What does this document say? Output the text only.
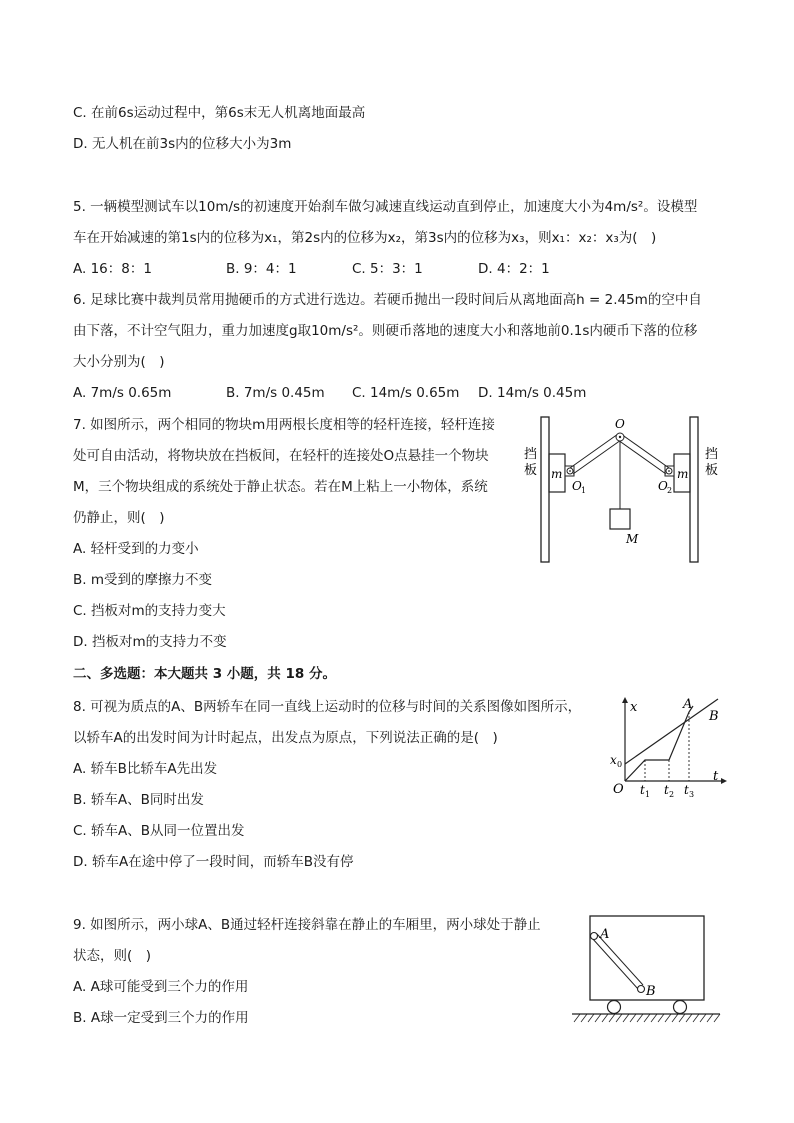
C. 在前6s运动过程中，第6s末无人机离地面最高
D. 无人机在前3s内的位移大小为3m
5. 一辆模型测试车以10m/s的初速度开始刹车做匀减速直线运动直到停止，加速度大小为4m/s²。设模型
车在开始减速的第1s内的位移为x₁，第2s内的位移为x₂，第3s内的位移为x₃，则x₁：x₂：x₃为(　)
A. 16：8：1	B. 9：4：1	C. 5：3：1	D. 4：2：1
6. 足球比赛中裁判员常用抛硬币的方式进行选边。若硬币抛出一段时间后从离地面高h = 2.45m的空中自
由下落，不计空气阻力，重力加速度g取10m/s²。则硬币落地的速度大小和落地前0.1s内硬币下落的位移
大小分别为(　)
A. 7m/s 0.65m	B. 7m/s 0.45m C. 14m/s 0.65m D. 14m/s 0.45m
7. 如图所示，两个相同的物块m用两根长度相等的轻杆连接，轻杆连接
处可自由活动，将物块放在挡板间，在轻杆的连接处O点悬挂一个物块
M，三个物块组成的系统处于静止状态。若在M上粘上一小物体，系统
仍静止，则(　)
A. 轻杆受到的力变小
B. m受到的摩擦力不变
C. 挡板对m的支持力变大
D. 挡板对m的支持力不变
挡
板
挡
板
O
O 1	O 2
m	m
M
二、多选题：本大题共 3 小题，共 18 分。
8. 可视为质点的A、B两轿车在同一直线上运动时的位移与时间的关系图像如图所示，
以轿车A的出发时间为计时起点，出发点为原点，下列说法正确的是(　)
A. 轿车B比轿车A先出发
B. 轿车A、B同时出发
C. 轿车A、B从同一位置出发
D. 轿车A在途中停了一段时间，而轿车B没有停
x
t
O
A
B
x 0
t 1 t 2 t 3
9. 如图所示，两小球A、B通过轻杆连接斜靠在静止的车厢里，两小球处于静止
状态，则(　)
A. A球可能受到三个力的作用
B. A球一定受到三个力的作用
A
B
